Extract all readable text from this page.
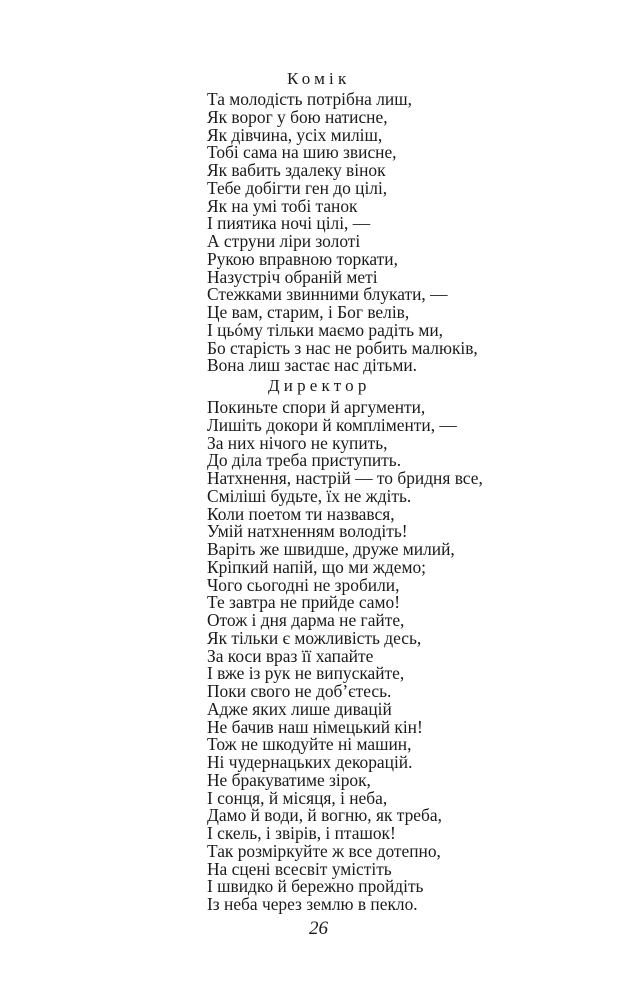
Комік
Та молодість потрібна лиш,
Як ворог у бою натисне,
Як дівчина, усіх миліш,
Тобі сама на шию звисне,
Як вабить здалеку вінок
Тебе добігти ген до цілі,
Як на умі тобі танок
І пиятика ночі цілі, —
А струни ліри золоті
Рукою вправною торкати,
Назустріч обраній меті
Стежками звинними блукати, —
Це вам, старим, і Бог велів,
І цьóму тільки маємо радіть ми,
Бо старість з нас не робить малюків,
Вона лиш застає нас дітьми.
Директор
Покиньте спори й аргументи,
Лишіть докори й компліменти, —
За них нічого не купить,
До діла треба приступить.
Натхнення, настрій — то бридня все,
Сміліші будьте, їх не ждіть.
Коли поетом ти назвався,
Умій натхненням володіть!
Варіть же швидше, друже милий,
Кріпкий напій, що ми ждемо;
Чого сьогодні не зробили,
Те завтра не прийде само!
Отож і дня дарма не гайте,
Як тільки є можливість десь,
За коси враз її хапайте
І вже із рук не випускайте,
Поки свого не доб’єтесь.
Адже яких лише дивацій
Не бачив наш німецький кін!
Тож не шкодуйте ні машин,
Ні чудернацьких декорацій.
Не бракуватиме зірок,
І сонця, й місяця, і неба,
Дамо й води, й вогню, як треба,
І скель, і звірів, і пташок!
Так розміркуйте ж все дотепно,
На сцені всесвіт умістіть
І швидко й бережно пройдіть
Із неба через землю в пекло.
26
